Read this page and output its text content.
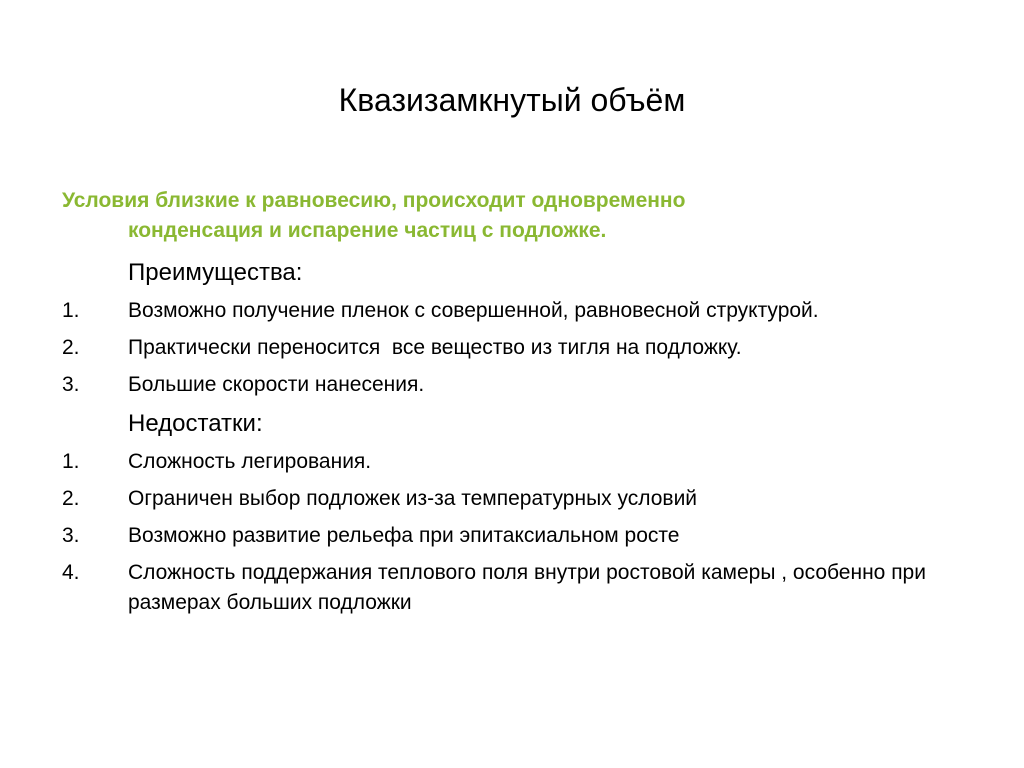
Квазизамкнутый объём

Условия близкие к равновесию, происходит одновременно
конденсация и испарение частиц с подложке.

Преимущества:

1.	Возможно получение пленок с совершенной, равновесной структурой.
2.	Практически переносится  все вещество из тигля на подложку.
3.	Большие скорости нанесения.

Недостатки:

1.	Сложность легирования.
2.	Ограничен выбор подложек из-за температурных условий
3.	Возможно развитие рельефа при эпитаксиальном росте
4.	Сложность поддержания теплового поля внутри ростовой камеры , особенно при размерах больших подложки
